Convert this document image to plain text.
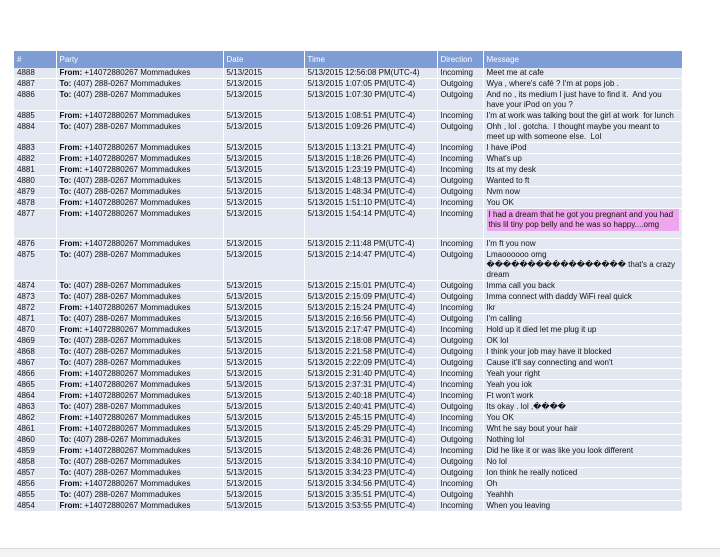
#	Party	Date	Time	Direction	Message
4888	From: +14072880267 Mommadukes	5/13/2015	5/13/2015 12:56:08 PM(UTC-4)	Incoming	Meet me at cafe
4887	To: (407) 288-0267 Mommadukes	5/13/2015	5/13/2015 1:07:05 PM(UTC-4)	Outgoing	Wya , where's café ? I'm at pops job .
4886	To: (407) 288-0267 Mommadukes	5/13/2015	5/13/2015 1:07:30 PM(UTC-4)	Outgoing	And no , its medium I just have to find it.  And you have your iPod on you ?
4885	From: +14072880267 Mommadukes	5/13/2015	5/13/2015 1:08:51 PM(UTC-4)	Incoming	I'm at work was talking bout the girl at work  for lunch
4884	To: (407) 288-0267 Mommadukes	5/13/2015	5/13/2015 1:09:26 PM(UTC-4)	Outgoing	Ohh , lol . gotcha.  I thought maybe you meant to meet up with someone else.  Lol
4883	From: +14072880267 Mommadukes	5/13/2015	5/13/2015 1:13:21 PM(UTC-4)	Incoming	I have iPod
4882	From: +14072880267 Mommadukes	5/13/2015	5/13/2015 1:18:26 PM(UTC-4)	Incoming	What's up
4881	From: +14072880267 Mommadukes	5/13/2015	5/13/2015 1:23:19 PM(UTC-4)	Incoming	Its at my desk
4880	To: (407) 288-0267 Mommadukes	5/13/2015	5/13/2015 1:48:13 PM(UTC-4)	Outgoing	Wanted to ft
4879	To: (407) 288-0267 Mommadukes	5/13/2015	5/13/2015 1:48:34 PM(UTC-4)	Outgoing	Nvm now
4878	From: +14072880267 Mommadukes	5/13/2015	5/13/2015 1:51:10 PM(UTC-4)	Incoming	You OK
4877	From: +14072880267 Mommadukes	5/13/2015	5/13/2015 1:54:14 PM(UTC-4)	Incoming	I had a dream that he got you pregnant and you had this lil tiny pop belly and he was so happy....omg
4876	From: +14072880267 Mommadukes	5/13/2015	5/13/2015 2:11:48 PM(UTC-4)	Incoming	I'm ft you now
4875	To: (407) 288-0267 Mommadukes	5/13/2015	5/13/2015 2:14:47 PM(UTC-4)	Outgoing	Lmaoooooo omg
����������������� that's a crazy dream
4874	To: (407) 288-0267 Mommadukes	5/13/2015	5/13/2015 2:15:01 PM(UTC-4)	Outgoing	Imma call you back
4873	To: (407) 288-0267 Mommadukes	5/13/2015	5/13/2015 2:15:09 PM(UTC-4)	Outgoing	Imma connect with daddy WiFi real quick
4872	From: +14072880267 Mommadukes	5/13/2015	5/13/2015 2:15:24 PM(UTC-4)	Incoming	Ikr
4871	To: (407) 288-0267 Mommadukes	5/13/2015	5/13/2015 2:16:56 PM(UTC-4)	Outgoing	I'm calling
4870	From: +14072880267 Mommadukes	5/13/2015	5/13/2015 2:17:47 PM(UTC-4)	Incoming	Hold up it died let me plug it up
4869	To: (407) 288-0267 Mommadukes	5/13/2015	5/13/2015 2:18:08 PM(UTC-4)	Outgoing	OK lol
4868	To: (407) 288-0267 Mommadukes	5/13/2015	5/13/2015 2:21:58 PM(UTC-4)	Outgoing	I think your job may have it blocked
4867	To: (407) 288-0267 Mommadukes	5/13/2015	5/13/2015 2:22:09 PM(UTC-4)	Outgoing	Cause it'll say connecting and won't
4866	From: +14072880267 Mommadukes	5/13/2015	5/13/2015 2:31:40 PM(UTC-4)	Incoming	Yeah your right
4865	From: +14072880267 Mommadukes	5/13/2015	5/13/2015 2:37:31 PM(UTC-4)	Incoming	Yeah you iok
4864	From: +14072880267 Mommadukes	5/13/2015	5/13/2015 2:40:18 PM(UTC-4)	Incoming	Ft won't work
4863	To: (407) 288-0267 Mommadukes	5/13/2015	5/13/2015 2:40:41 PM(UTC-4)	Outgoing	Its okay . lol ,����
4862	From: +14072880267 Mommadukes	5/13/2015	5/13/2015 2:45:15 PM(UTC-4)	Incoming	You OK
4861	From: +14072880267 Mommadukes	5/13/2015	5/13/2015 2:45:29 PM(UTC-4)	Incoming	Wht he say bout your hair
4860	To: (407) 288-0267 Mommadukes	5/13/2015	5/13/2015 2:46:31 PM(UTC-4)	Outgoing	Nothing lol
4859	From: +14072880267 Mommadukes	5/13/2015	5/13/2015 2:48:26 PM(UTC-4)	Incoming	Did he like it or was like you look different
4858	To: (407) 288-0267 Mommadukes	5/13/2015	5/13/2015 3:34:10 PM(UTC-4)	Outgoing	No lol
4857	To: (407) 288-0267 Mommadukes	5/13/2015	5/13/2015 3:34:23 PM(UTC-4)	Outgoing	Ion think he really noticed
4856	From: +14072880267 Mommadukes	5/13/2015	5/13/2015 3:34:56 PM(UTC-4)	Incoming	Oh
4855	To: (407) 288-0267 Mommadukes	5/13/2015	5/13/2015 3:35:51 PM(UTC-4)	Outgoing	Yeahhh
4854	From: +14072880267 Mommadukes	5/13/2015	5/13/2015 3:53:55 PM(UTC-4)	Incoming	When you leaving
